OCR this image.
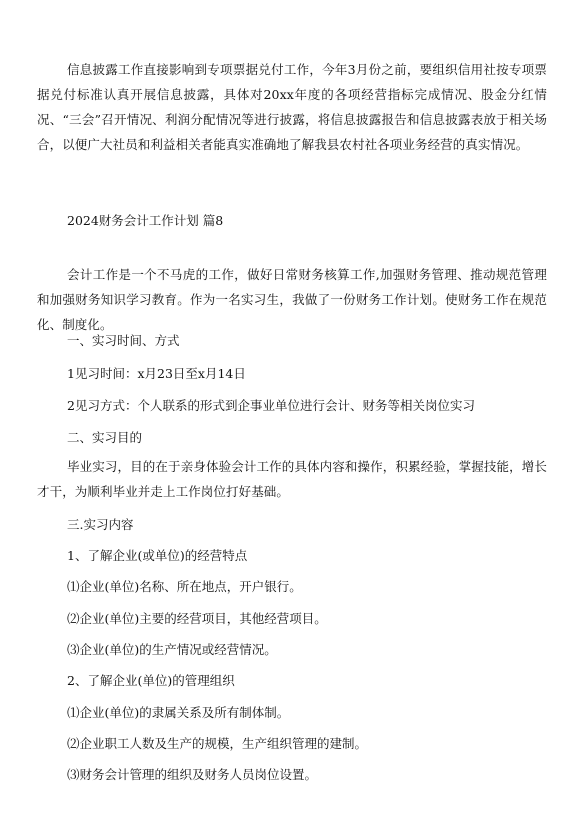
信息披露工作直接影响到专项票据兑付工作，今年3月份之前，要组织信用社按专项票据兑付标准认真开展信息披露，具体对20xx年度的各项经营指标完成情况、股金分红情况、“三会”召开情况、利润分配情况等进行披露，将信息披露报告和信息披露表放于相关场合，以便广大社员和利益相关者能真实准确地了解我县农村社各项业务经营的真实情况。

2024财务会计工作计划 篇8

会计工作是一个不马虎的工作，做好日常财务核算工作,加强财务管理、推动规范管理和加强财务知识学习教育。作为一名实习生，我做了一份财务工作计划。使财务工作在规范化、制度化。

一、实习时间、方式

1见习时间：x月23日至x月14日

2见习方式：个人联系的形式到企事业单位进行会计、财务等相关岗位实习

二、实习目的

毕业实习，目的在于亲身体验会计工作的具体内容和操作，积累经验，掌握技能，增长才干，为顺利毕业并走上工作岗位打好基础。

三.实习内容

1、了解企业(或单位)的经营特点

⑴企业(单位)名称、所在地点，开户银行。

⑵企业(单位)主要的经营项目，其他经营项目。

⑶企业(单位)的生产情况或经营情况。

2、了解企业(单位)的管理组织

⑴企业(单位)的隶属关系及所有制体制。

⑵企业职工人数及生产的规模，生产组织管理的建制。

⑶财务会计管理的组织及财务人员岗位设置。
